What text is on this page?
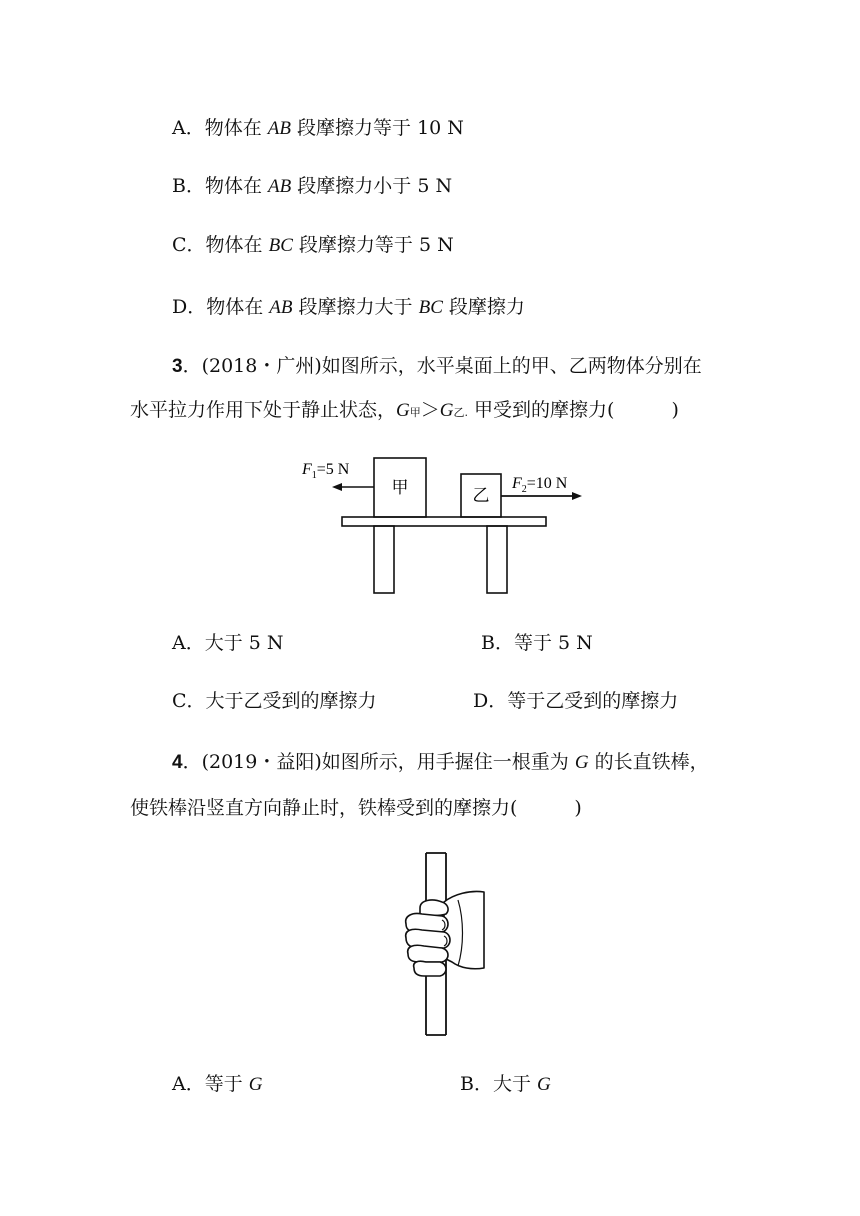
A．物体在 AB 段摩擦力等于 10 N
B．物体在 AB 段摩擦力小于 5 N
C．物体在 BC 段摩擦力等于 5 N
D．物体在 AB 段摩擦力大于 BC 段摩擦力
3．(2018・广州)如图所示，水平桌面上的甲、乙两物体分别在
水平拉力作用下处于静止状态，G甲＞G乙. 甲受到的摩擦力(　　　)
甲	乙
$F_1=5$ N
$F_2=10$ N
A．大于 5 N	B．等于 5 N
C．大于乙受到的摩擦力	D．等于乙受到的摩擦力
4．(2019・益阳)如图所示，用手握住一根重为 G 的长直铁棒，
使铁棒沿竖直方向静止时，铁棒受到的摩擦力(　　　)
A．等于 G	B．大于 G
